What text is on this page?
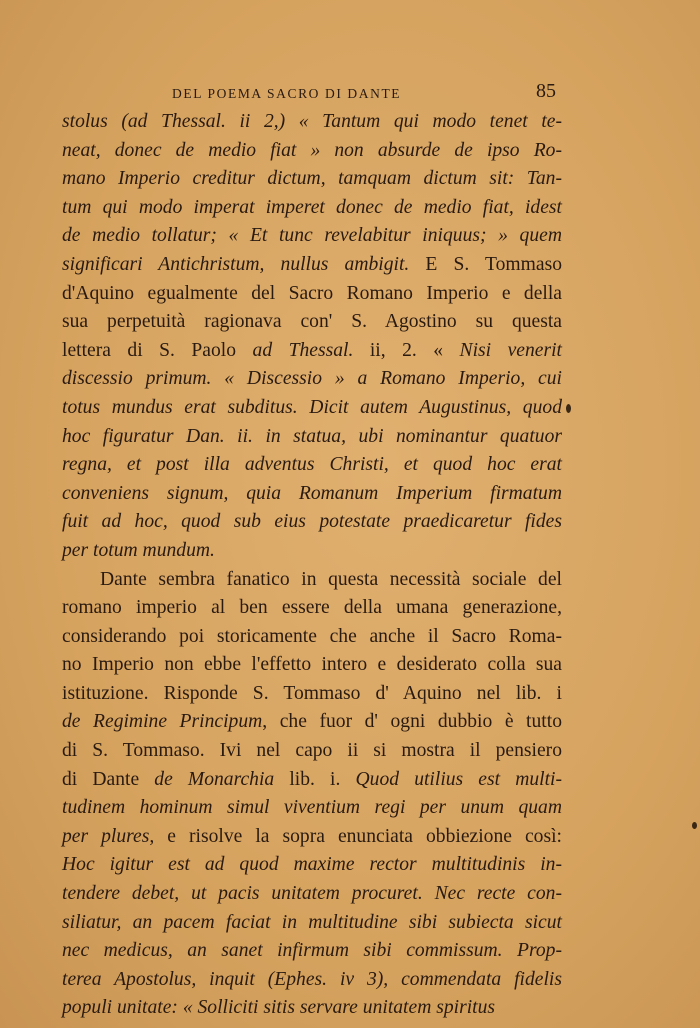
DEL POEMA SACRO DI DANTE	85

stolus (ad Thessal. ii 2,) « Tantum qui modo tenet te-
neat, donec de medio fiat » non absurde de ipso Ro-
mano Imperio creditur dictum, tamquam dictum sit: Tan-
tum qui modo imperat imperet donec de medio fiat, idest
de medio tollatur; « Et tunc revelabitur iniquus; » quem
significari Antichristum, nullus ambigit. E S. Tommaso
d'Aquino egualmente del Sacro Romano Imperio e della
sua perpetuità ragionava con' S. Agostino su questa
lettera di S. Paolo ad Thessal. ii, 2. « Nisi venerit
discessio primum. « Discessio » a Romano Imperio, cui
totus mundus erat subditus. Dicit autem Augustinus, quod
hoc figuratur Dan. ii. in statua, ubi nominantur quatuor
regna, et post illa adventus Christi, et quod hoc erat
conveniens signum, quia Romanum Imperium firmatum
fuit ad hoc, quod sub eius potestate praedicaretur fides
per totum mundum.

Dante sembra fanatico in questa necessità sociale del
romano imperio al ben essere della umana generazione,
considerando poi storicamente che anche il Sacro Roma-
no Imperio non ebbe l'effetto intero e desiderato colla sua
istituzione. Risponde S. Tommaso d' Aquino nel lib. i
de Regimine Principum, che fuor d' ogni dubbio è tutto
di S. Tommaso. Ivi nel capo ii si mostra il pensiero
di Dante de Monarchia lib. i. Quod utilius est multi-
tudinem hominum simul viventium regi per unum quam
per plures, e risolve la sopra enunciata obbiezione così:
Hoc igitur est ad quod maxime rector multitudinis in-
tendere debet, ut pacis unitatem procuret. Nec recte con-
siliatur, an pacem faciat in multitudine sibi subiecta sicut
nec medicus, an sanet infirmum sibi commissum. Prop-
terea Apostolus, inquit (Ephes. iv 3), commendata fidelis
populi unitate: « Solliciti sitis servare unitatem spiritus
